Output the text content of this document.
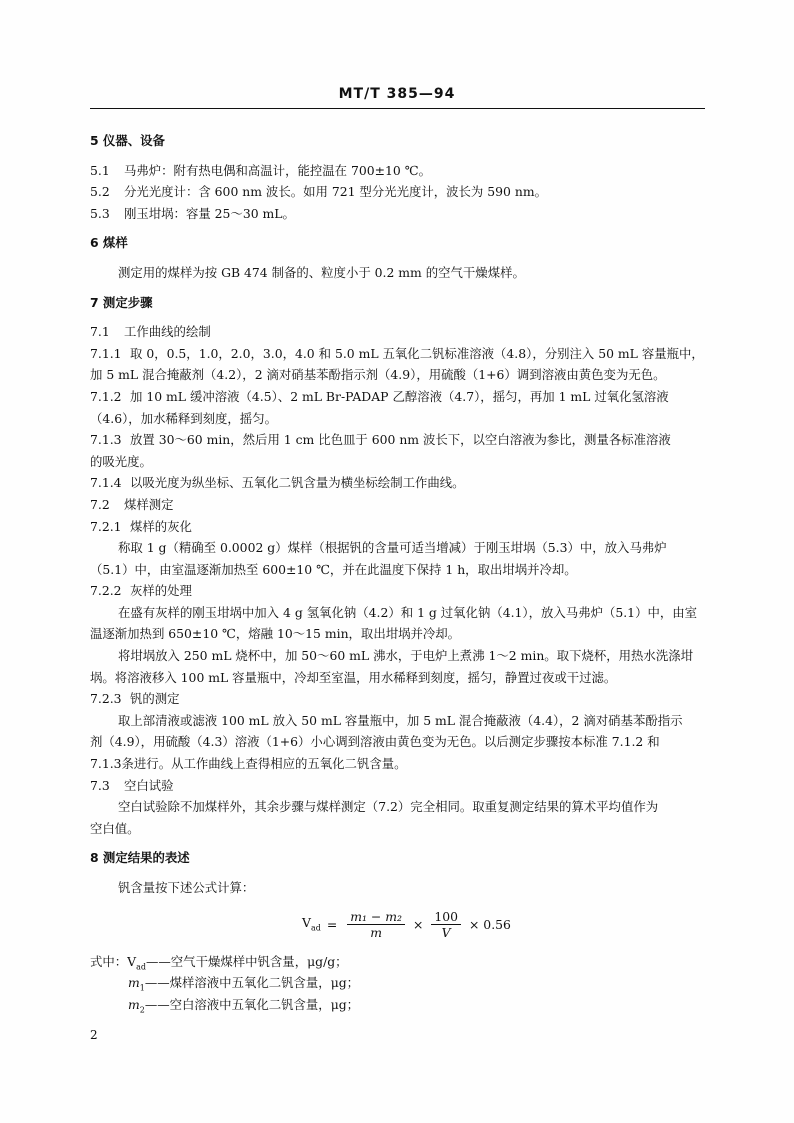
MT/T 385—94
5 仪器、设备
5.1 马弗炉：附有热电偶和高温计，能控温在 700±10 ℃。
5.2 分光光度计：含 600 nm 波长。如用 721 型分光光度计，波长为 590 nm。
5.3 刚玉坩埚：容量 25～30 mL。
6 煤样
测定用的煤样为按 GB 474 制备的、粒度小于 0.2 mm 的空气干燥煤样。
7 测定步骤
7.1 工作曲线的绘制
7.1.1 取 0，0.5，1.0，2.0，3.0，4.0 和 5.0 mL 五氧化二钒标准溶液（4.8），分别注入 50 mL 容量瓶中，
加 5 mL 混合掩蔽剂（4.2），2 滴对硝基苯酚指示剂（4.9），用硫酸（1+6）调到溶液由黄色变为无色。
7.1.2 加 10 mL 缓冲溶液（4.5）、2 mL Br-PADAP 乙醇溶液（4.7），摇匀，再加 1 mL 过氧化氢溶液
（4.6），加水稀释到刻度，摇匀。
7.1.3 放置 30～60 min，然后用 1 cm 比色皿于 600 nm 波长下，以空白溶液为参比，测量各标准溶液
的吸光度。
7.1.4 以吸光度为纵坐标、五氧化二钒含量为横坐标绘制工作曲线。
7.2 煤样测定
7.2.1 煤样的灰化
称取 1 g（精确至 0.0002 g）煤样（根据钒的含量可适当增减）于刚玉坩埚（5.3）中，放入马弗炉
（5.1）中，由室温逐渐加热至 600±10 ℃，并在此温度下保持 1 h，取出坩埚并冷却。
7.2.2 灰样的处理
在盛有灰样的刚玉坩埚中加入 4 g 氢氧化钠（4.2）和 1 g 过氧化钠（4.1），放入马弗炉（5.1）中，由室
温逐渐加热到 650±10 ℃，熔融 10～15 min，取出坩埚并冷却。
将坩埚放入 250 mL 烧杯中，加 50～60 mL 沸水，于电炉上煮沸 1～2 min。取下烧杯，用热水洗涤坩
埚。将溶液移入 100 mL 容量瓶中，冷却至室温，用水稀释到刻度，摇匀，静置过夜或干过滤。
7.2.3 钒的测定
取上部清液或滤液 100 mL 放入 50 mL 容量瓶中，加 5 mL 混合掩蔽液（4.4），2 滴对硝基苯酚指示
剂（4.9），用硫酸（4.3）溶液（1+6）小心调到溶液由黄色变为无色。以后测定步骤按本标准 7.1.2 和
7.1.3条进行。从工作曲线上查得相应的五氧化二钒含量。
7.3 空白试验
空白试验除不加煤样外，其余步骤与煤样测定（7.2）完全相同。取重复测定结果的算术平均值作为
空白值。
8 测定结果的表述
钒含量按下述公式计算：
$V_{ad} = \frac{\text{m₁ − m₂}}{m} \times \frac{100}{V} \times 0.56$
式中：$V_{ad}——$空气干燥煤样中钒含量，μg/g；
$m_1——$煤样溶液中五氧化二钒含量，μg；
$m_2——$空白溶液中五氧化二钒含量，μg；
2
